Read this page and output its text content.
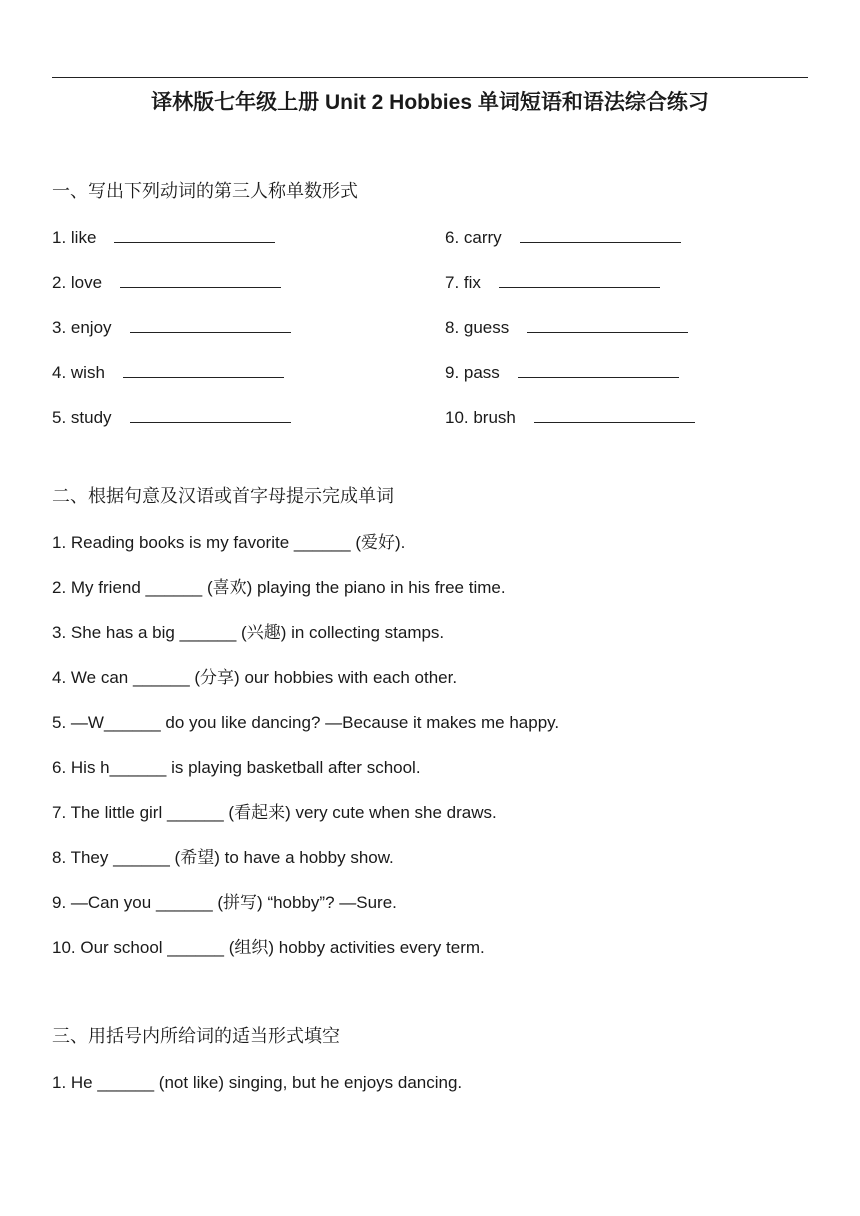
译林版七年级上册 Unit 2 Hobbies 单词短语和语法综合练习
一、写出下列动词的第三人称单数形式
1. like
2. love
3. enjoy
4. wish
5. study
6. carry
7. fix
8. guess
9. pass
10. brush
二、根据句意及汉语或首字母提示完成单词
1. Reading books is my favorite ______ (爱好).
2. My friend ______ (喜欢) playing the piano in his free time.
3. She has a big ______ (兴趣) in collecting stamps.
4. We can ______ (分享) our hobbies with each other.
5. —W______ do you like dancing? —Because it makes me happy.
6. His h______ is playing basketball after school.
7. The little girl ______ (看起来) very cute when she draws.
8. They ______ (希望) to have a hobby show.
9. —Can you ______ (拼写) “hobby”? —Sure.
10. Our school ______ (组织) hobby activities every term.
三、用括号内所给词的适当形式填空
1. He ______ (not like) singing, but he enjoys dancing.
